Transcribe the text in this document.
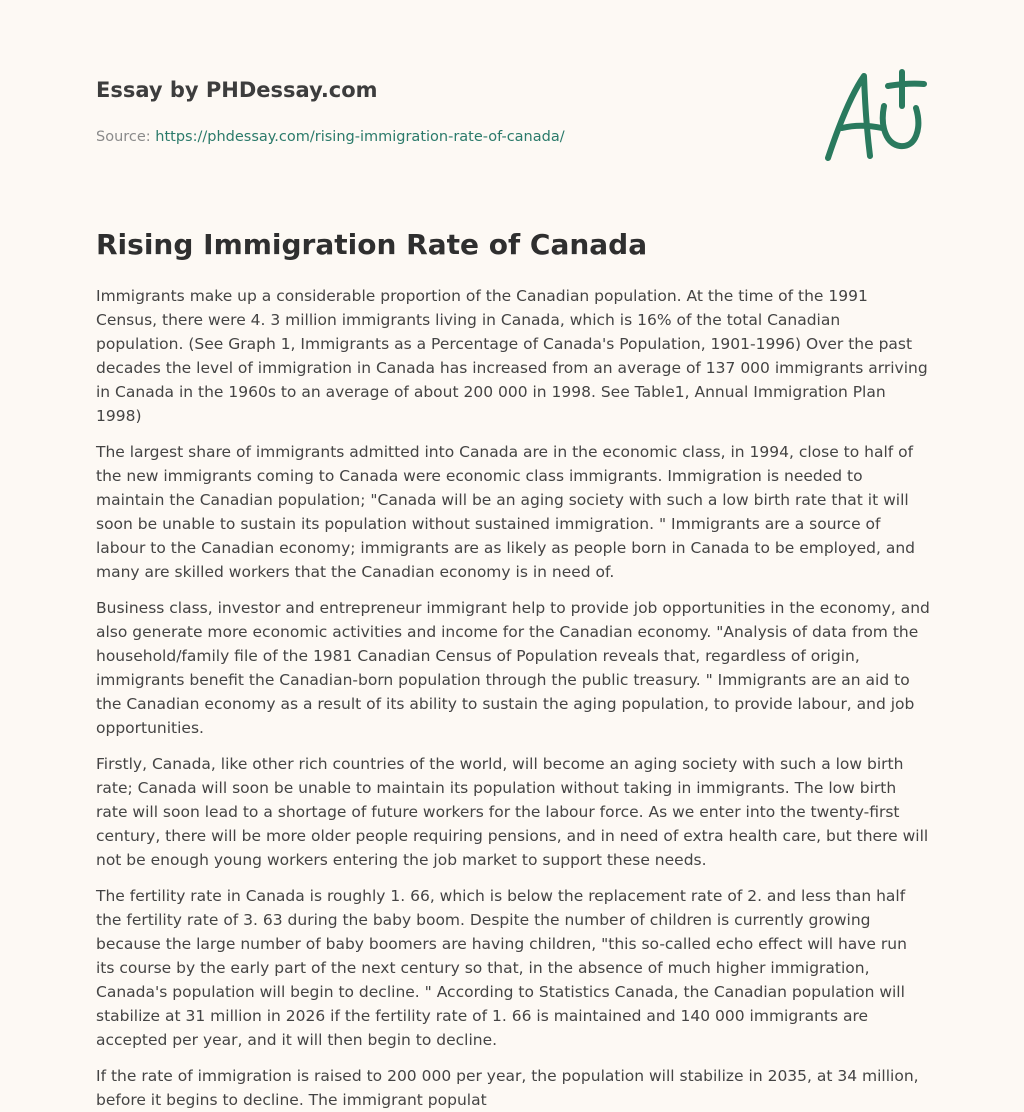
Essay by PHDessay.com

Source: https://phdessay.com/rising-immigration-rate-of-canada/
Rising Immigration Rate of Canada

Immigrants make up a considerable proportion of the Canadian population. At the time of the 1991 Census, there were 4. 3 million immigrants living in Canada, which is 16% of the total Canadian population. (See Graph 1, Immigrants as a Percentage of Canada's Population, 1901-1996) Over the past decades the level of immigration in Canada has increased from an average of 137 000 immigrants arriving in Canada in the 1960s to an average of about 200 000 in 1998. See Table1, Annual Immigration Plan 1998)

The largest share of immigrants admitted into Canada are in the economic class, in 1994, close to half of the new immigrants coming to Canada were economic class immigrants. Immigration is needed to maintain the Canadian population; "Canada will be an aging society with such a low birth rate that it will soon be unable to sustain its population without sustained immigration. " Immigrants are a source of labour to the Canadian economy; immigrants are as likely as people born in Canada to be employed, and many are skilled workers that the Canadian economy is in need of.

Business class, investor and entrepreneur immigrant help to provide job opportunities in the economy, and also generate more economic activities and income for the Canadian economy. "Analysis of data from the household/family file of the 1981 Canadian Census of Population reveals that, regardless of origin, immigrants benefit the Canadian-born population through the public treasury. " Immigrants are an aid to the Canadian economy as a result of its ability to sustain the aging population, to provide labour, and job opportunities.

Firstly, Canada, like other rich countries of the world, will become an aging society with such a low birth rate; Canada will soon be unable to maintain its population without taking in immigrants. The low birth rate will soon lead to a shortage of future workers for the labour force. As we enter into the twenty-first century, there will be more older people requiring pensions, and in need of extra health care, but there will not be enough young workers entering the job market to support these needs.

The fertility rate in Canada is roughly 1. 66, which is below the replacement rate of 2. and less than half the fertility rate of 3. 63 during the baby boom. Despite the number of children is currently growing because the large number of baby boomers are having children, "this so-called echo effect will have run its course by the early part of the next century so that, in the absence of much higher immigration, Canada's population will begin to decline. " According to Statistics Canada, the Canadian population will stabilize at 31 million in 2026 if the fertility rate of 1. 66 is maintained and 140 000 immigrants are accepted per year, and it will then begin to decline.

If the rate of immigration is raised to 200 000 per year, the population will stabilize in 2035, at 34 million, before it begins to decline. The immigrant populat
